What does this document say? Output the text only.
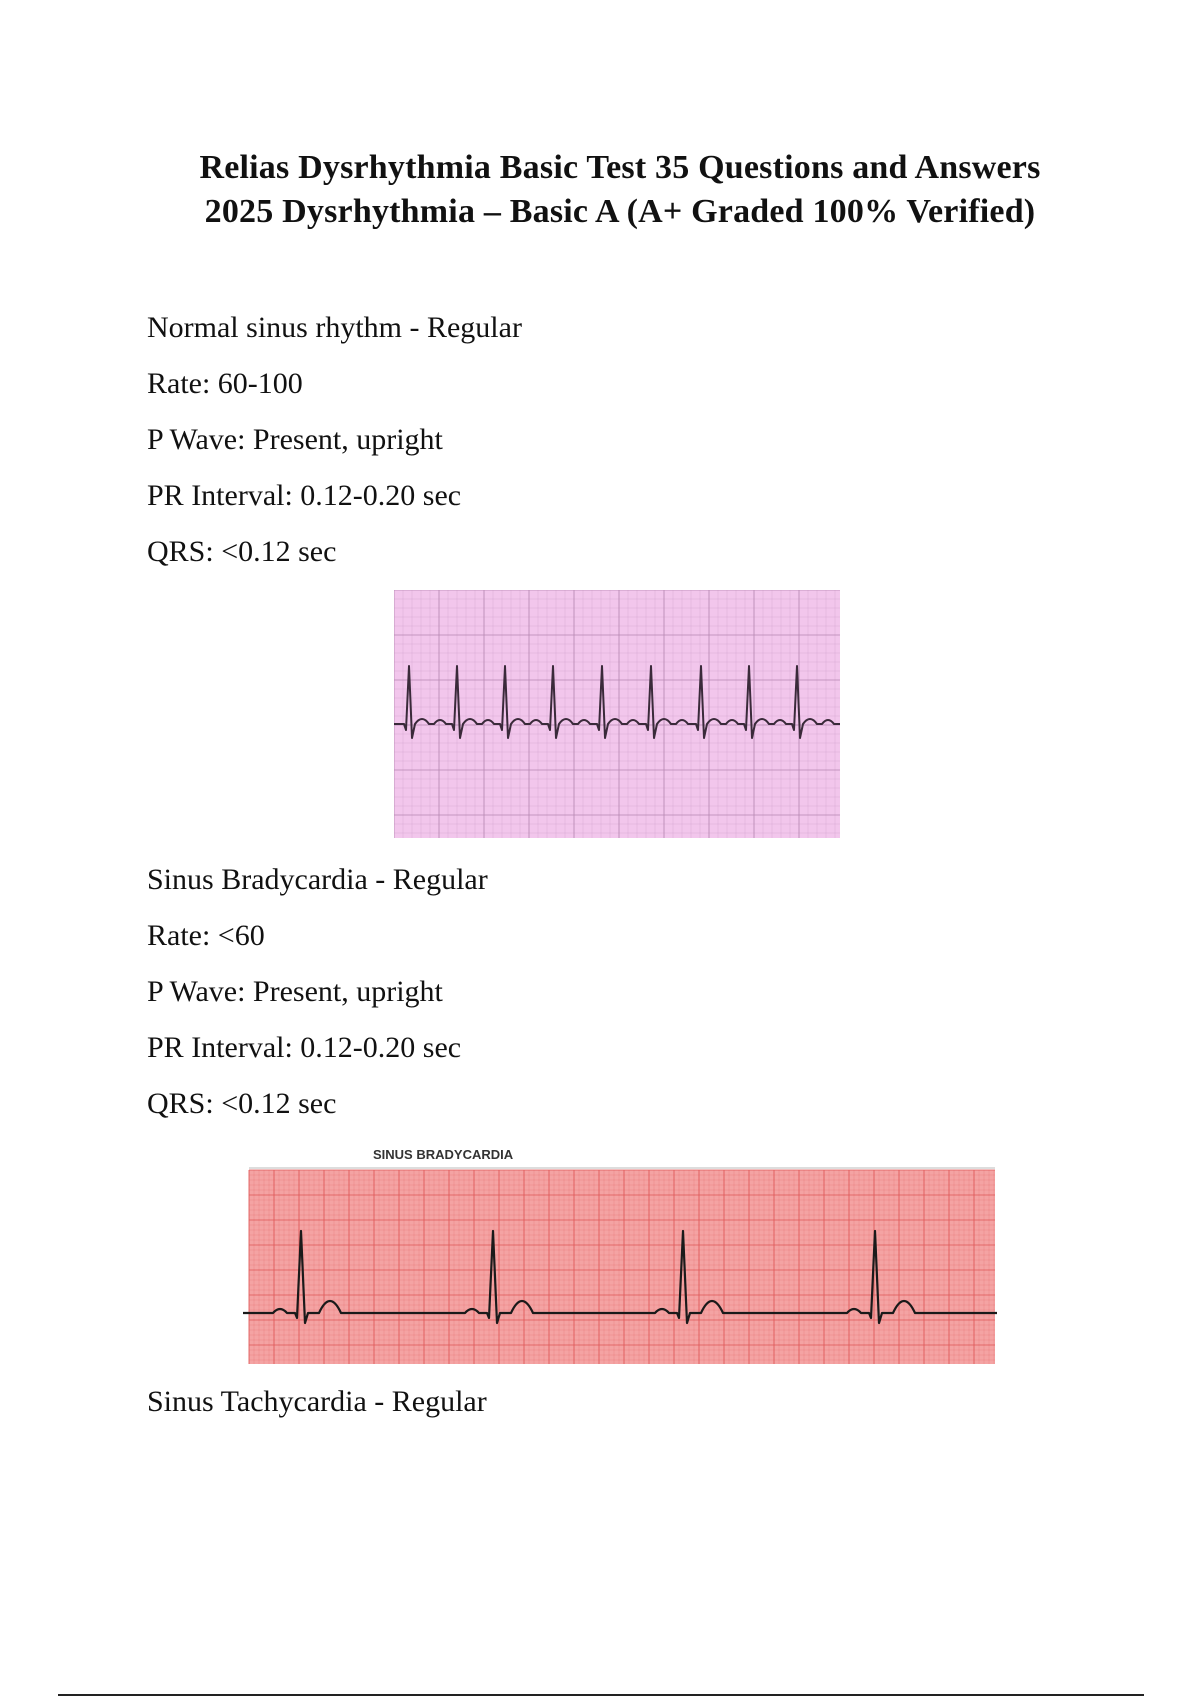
Relias Dysrhythmia Basic Test 35 Questions and Answers
2025 Dysrhythmia – Basic A (A+ Graded 100% Verified)
Normal sinus rhythm - Regular
Rate: 60-100
P Wave: Present, upright
PR Interval: 0.12-0.20 sec
QRS: <0.12 sec
Sinus Bradycardia - Regular
Rate: <60
P Wave: Present, upright
PR Interval: 0.12-0.20 sec
QRS: <0.12 sec
SINUS BRADYCARDIA
Sinus Tachycardia - Regular
